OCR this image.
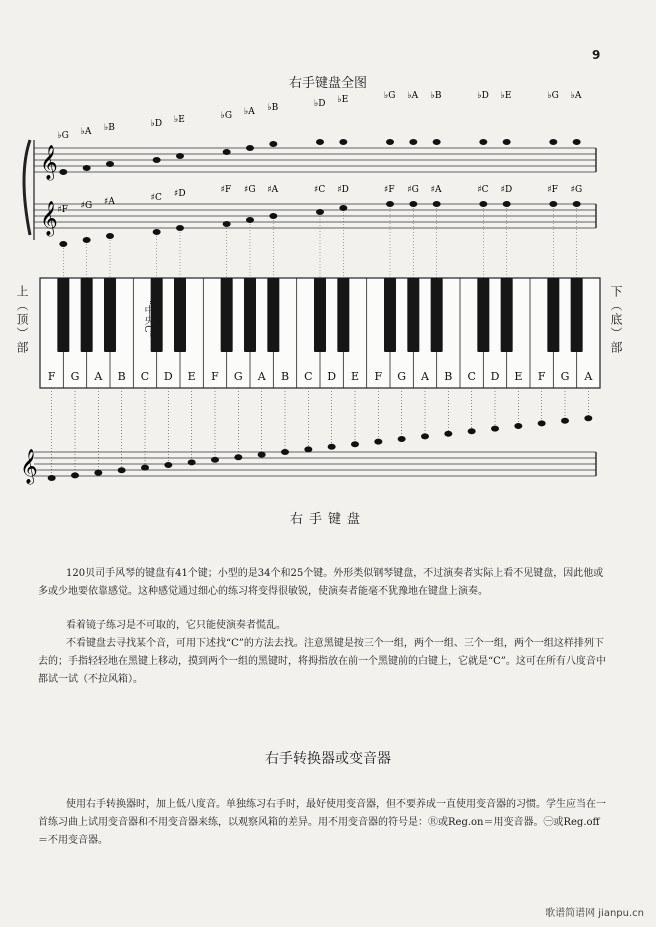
9
右手键盘全图
𝄞
𝄞
♭G
♯F
♭A
♯G
♭B
♯A
♭D
♯C
♭E
♯D
♭G
♯F
♭A
♯G
♭B
♯A
♭D
♯C
♭E
♯D
♭G
♯F
♭A
♯G
♭B
♯A
♭D
♯C
♭E
♯D
♭G
♯F
♭A
♯G
F G A B C D E F G A B C D E F G A B C D E F G A
𝄞
上（顶）部	下（底）部
“中央C”
右手键盘

120贝司手风琴的键盘有41个键；小型的是34个和25个键。外形类似钢琴键盘，不过演奏者实际上看不见键盘，因此他或多或少地要依靠感觉。这种感觉通过细心的练习将变得很敏锐，使演奏者能毫不犹豫地在键盘上演奏。

看着镜子练习是不可取的，它只能使演奏者慌乱。

不看键盘去寻找某个音，可用下述找“C”的方法去找。注意黑键是按三个一组，两个一组、三个一组，两个一组这样排列下去的；手指轻轻地在黑键上移动，摸到两个一组的黑键时，将拇指放在前一个黑键前的白键上，它就是“C”。这可在所有八度音中都试一试（不拉风箱）。

右手转换器或变音器

使用右手转换器时，加上低八度音。单独练习右手时，最好使用变音器，但不要养成一直使用变音器的习惯。学生应当在一首练习曲上试用变音器和不用变音器来练，以观察风箱的差异。用不用变音器的符号是：Ⓡ或Reg.on＝用变音器。㊀或Reg.off＝不用变音器。

歌谱简谱网 jianpu.cn
